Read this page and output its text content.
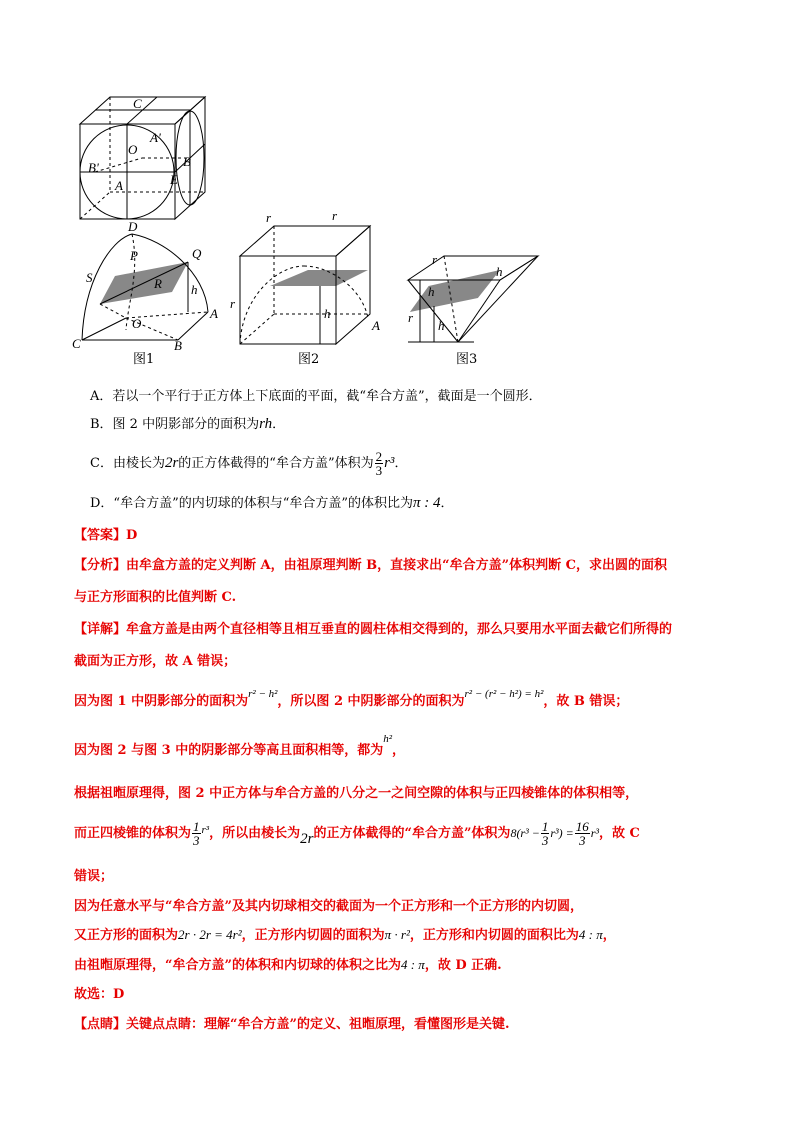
C
A'
O
B'	B
A	E
D
Q
P
S	R h
O
A
C	B
图1
r	r
r
h
A
图2
r
h
h
r
h
图3
A．若以一个平行于正方体上下底面的平面，截“牟合方盖”，截面是一个圆形．
B．图 2 中阴影部分的面积为rh．
C．由棱长为2r的正方体截得的“牟合方盖”体积为 $\frac{2}{3} r^3$．
D．“牟合方盖”的内切球的体积与“牟合方盖”的体积比为π : 4．
【答案】D
【分析】由牟盒方盖的定义判断 A，由祖原理判断 B，直接求出“牟合方盖”体积判断 C，求出圆的面积
与正方形面积的比值判断 C.
【详解】牟盒方盖是由两个直径相等且相互垂直的圆柱体相交得到的，那么只要用水平面去截它们所得的
截面为正方形，故 A 错误；
因为图 1 中阴影部分的面积为$^{r^2 - h^2}$，所以图 2 中阴影部分的面积为$^{r^2 - (r^2 - h^2) = h^2}$，故 B 错误；
因为图 2 与图 3 中的阴影部分等高且面积相等，都为$^{h^2}$，
根据祖暅原理得，图 2 中正方体与牟合方盖的八分之一之间空隙的体积与正四棱锥体的体积相等，
而正四棱锥的体积为 $\frac{1}{3} ^{r^3}$，所以由棱长为2r的正方体截得的“牟合方盖”体积为$8(r^3 - \frac{1}{3} r^3) = \frac{16}{3} r^3$，故 C
错误；
因为任意水平与“牟合方盖”及其内切球相交的截面为一个正方形和一个正方形的内切圆，
又正方形的面积为2r · 2r = 4r²，正方形内切圆的面积为π · r²，正方形和内切圆的面积比为4 : π，
由祖暅原理得，“牟合方盖”的体积和内切球的体积之比为4 : π，故 D 正确.
故选：D
【点睛】关键点点睛：理解“牟合方盖”的定义、祖暅原理，看懂图形是关键.
